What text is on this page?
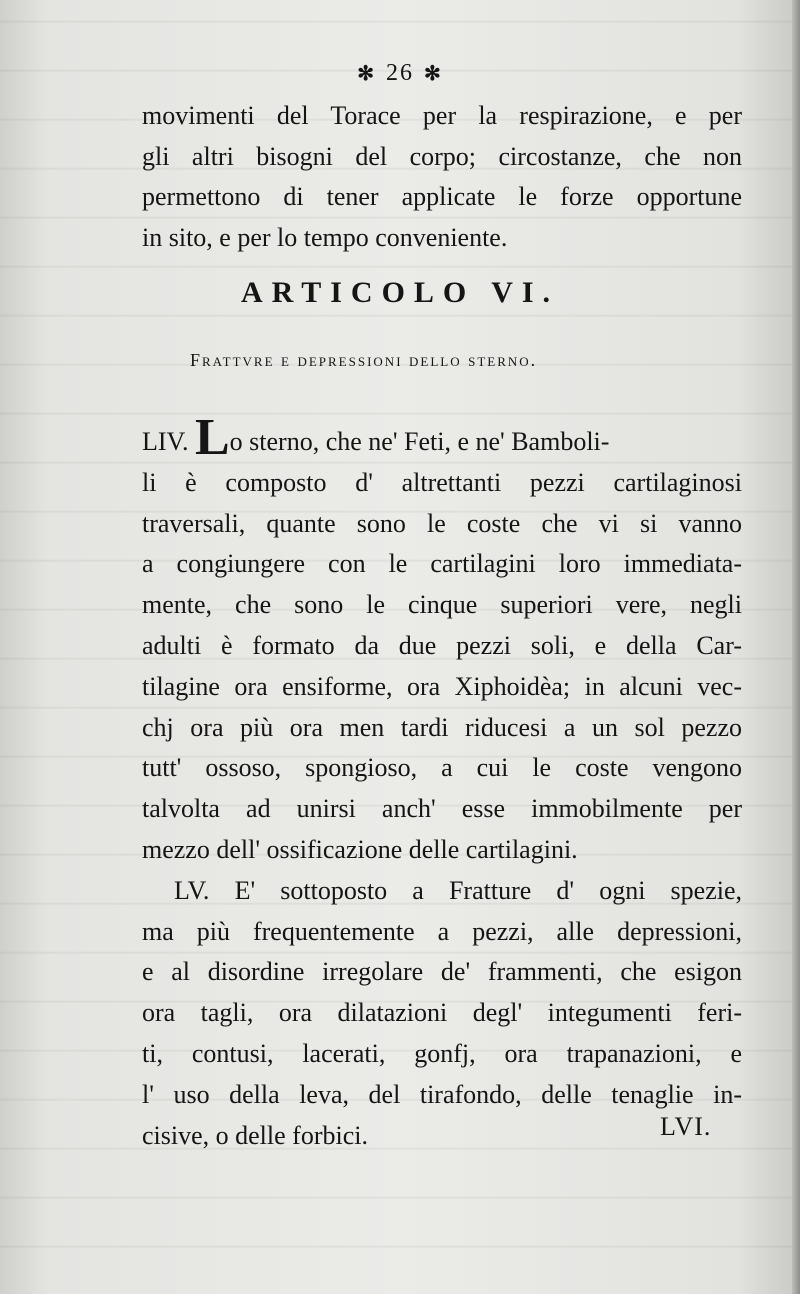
✻ 26 ✻
movimenti del Torace per la respirazione, e per
gli altri bisogni del corpo; circostanze, che non
permettono di tener applicate le forze opportune
in sito, e per lo tempo conveniente.
ARTICOLO VI.
Frattvre e depressioni dello sterno.
LIV. Lo sterno, che ne' Feti, e ne' Bamboli-
li è composto d' altrettanti pezzi cartilaginosi
traversali, quante sono le coste che vi si vanno
a congiungere con le cartilagini loro immediata-
mente, che sono le cinque superiori vere, negli
adulti è formato da due pezzi soli, e della Car-
tilagine ora ensiforme, ora Xiphoidèa; in alcuni vec-
chj ora più ora men tardi riducesi a un sol pezzo
tutt' ossoso, spongioso, a cui le coste vengono
talvolta ad unirsi anch' esse immobilmente per
mezzo dell' ossificazione delle cartilagini.
LV. E' sottoposto a Fratture d' ogni spezie,
ma più frequentemente a pezzi, alle depressioni,
e al disordine irregolare de' frammenti, che esigon
ora tagli, ora dilatazioni degl' integumenti feri-
ti, contusi, lacerati, gonfj, ora trapanazioni, e
l' uso della leva, del tirafondo, delle tenaglie in-
cisive, o delle forbici.	LVI.
